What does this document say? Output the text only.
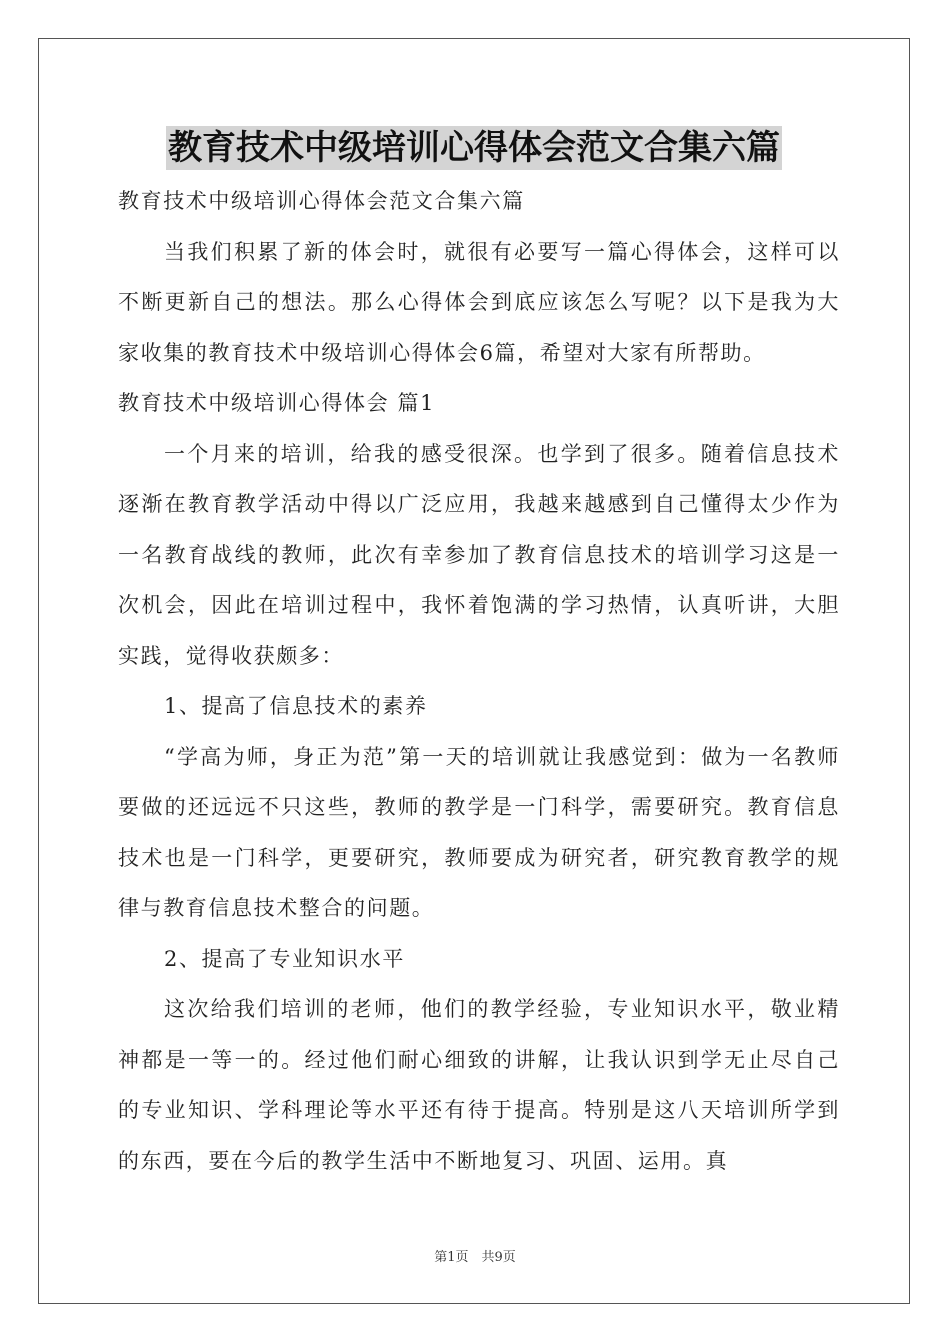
教育技术中级培训心得体会范文合集六篇

教育技术中级培训心得体会范文合集六篇

当我们积累了新的体会时，就很有必要写一篇心得体会，这样可以不断更新自己的想法。那么心得体会到底应该怎么写呢？以下是我为大家收集的教育技术中级培训心得体会6篇，希望对大家有所帮助。

教育技术中级培训心得体会 篇1

一个月来的培训，给我的感受很深。也学到了很多。随着信息技术逐渐在教育教学活动中得以广泛应用，我越来越感到自己懂得太少作为一名教育战线的教师，此次有幸参加了教育信息技术的培训学习这是一次机会，因此在培训过程中，我怀着饱满的学习热情，认真听讲，大胆实践，觉得收获颇多：

1、提高了信息技术的素养

“学高为师，身正为范”第一天的培训就让我感觉到：做为一名教师要做的还远远不只这些，教师的教学是一门科学，需要研究。教育信息技术也是一门科学，更要研究，教师要成为研究者，研究教育教学的规律与教育信息技术整合的问题。

2、提高了专业知识水平

这次给我们培训的老师，他们的教学经验，专业知识水平，敬业精神都是一等一的。经过他们耐心细致的讲解，让我认识到学无止尽自己的专业知识、学科理论等水平还有待于提高。特别是这八天培训所学到的东西，要在今后的教学生活中不断地复习、巩固、运用。真

第1页　共9页
